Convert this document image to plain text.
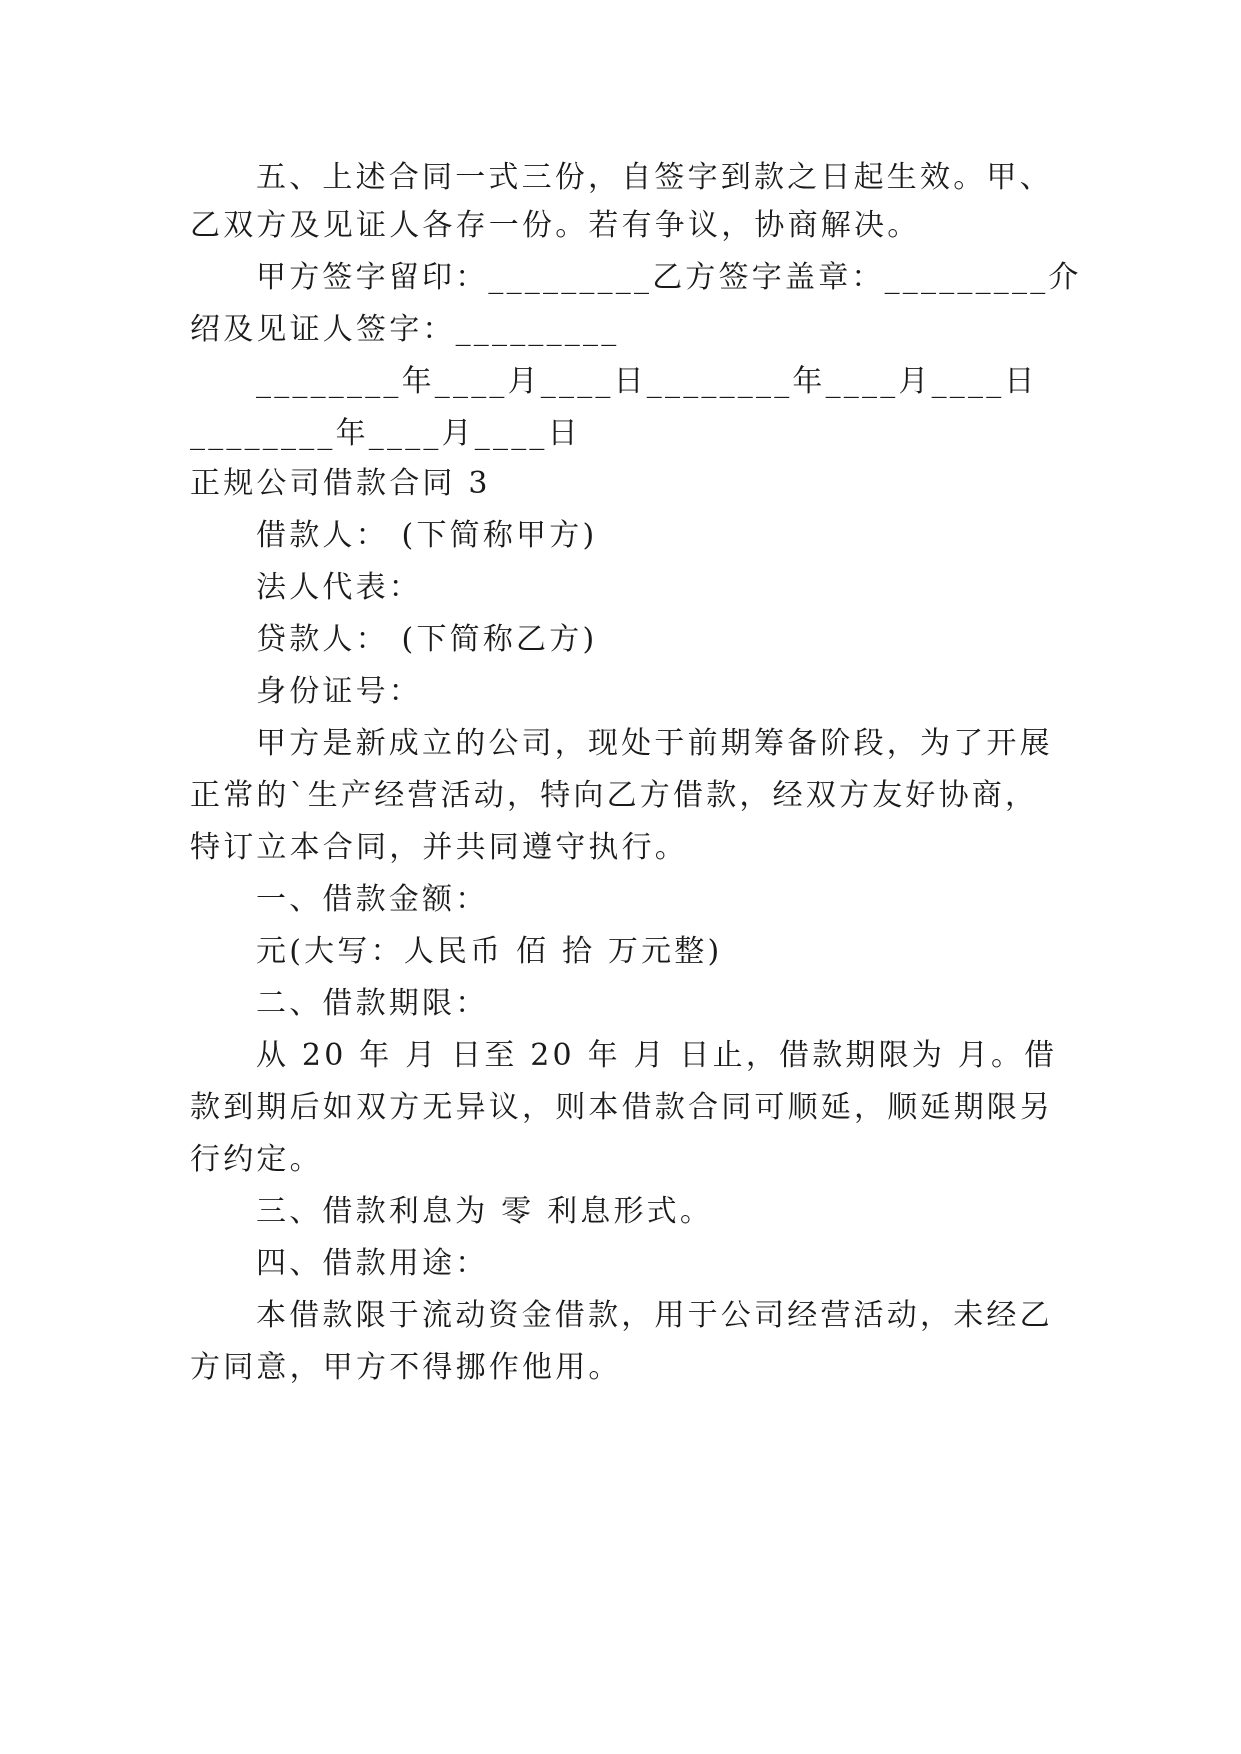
五、上述合同一式三份，自签字到款之日起生效。甲、
乙双方及见证人各存一份。若有争议，协商解决。
甲方签字留印：_________乙方签字盖章：_________介
绍及见证人签字：_________
________年____月____日________年____月____日
________年____月____日
正规公司借款合同 3
借款人： (下简称甲方)
法人代表：
贷款人： (下简称乙方)
身份证号：
甲方是新成立的公司，现处于前期筹备阶段，为了开展
正常的`生产经营活动，特向乙方借款，经双方友好协商，
特订立本合同，并共同遵守执行。
一、借款金额：
元(大写：人民币 佰 拾 万元整)
二、借款期限：
从 20 年 月 日至 20 年 月 日止，借款期限为 月。借
款到期后如双方无异议，则本借款合同可顺延，顺延期限另
行约定。
三、借款利息为 零 利息形式。
四、借款用途：
本借款限于流动资金借款，用于公司经营活动，未经乙
方同意，甲方不得挪作他用。
